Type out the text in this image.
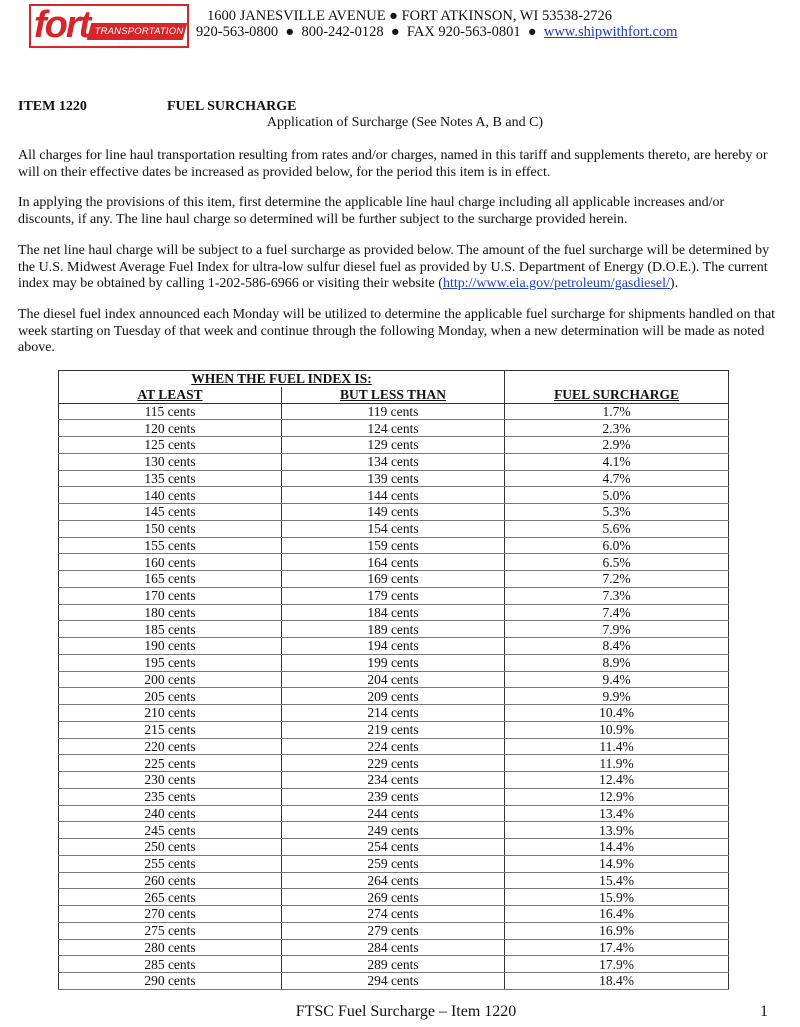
fort TRANSPORTATION
1600 JANESVILLE AVENUE ● FORT ATKINSON, WI 53538-2726
920-563-0800  ●  800-242-0128  ●  FAX 920-563-0801  ●  www.shipwithfort.com
ITEM 1220	FUEL SURCHARGE
Application of Surcharge (See Notes A, B and C)

All charges for line haul transportation resulting from rates and/or charges, named in this tariff and supplements thereto, are hereby or will on their effective dates be increased as provided below, for the period this item is in effect.

In applying the provisions of this item, first determine the applicable line haul charge including all applicable increases and/or discounts, if any. The line haul charge so determined will be further subject to the surcharge provided herein.

The net line haul charge will be subject to a fuel surcharge as provided below. The amount of the fuel surcharge will be determined by the U.S. Midwest Average Fuel Index for ultra-low sulfur diesel fuel as provided by U.S. Department of Energy (D.O.E.). The current index may be obtained by calling 1-202-586-6966 or visiting their website (http://www.eia.gov/petroleum/gasdiesel/).

The diesel fuel index announced each Monday will be utilized to determine the applicable fuel surcharge for shipments handled on that week starting on Tuesday of that week and continue through the following Monday, when a new determination will be made as noted above.

WHEN THE FUEL INDEX IS:		
AT LEAST	BUT LESS THAN	FUEL SURCHARGE
115 cents	119 cents	1.7%
120 cents	124 cents	2.3%
125 cents	129 cents	2.9%
130 cents	134 cents	4.1%
135 cents	139 cents	4.7%
140 cents	144 cents	5.0%
145 cents	149 cents	5.3%
150 cents	154 cents	5.6%
155 cents	159 cents	6.0%
160 cents	164 cents	6.5%
165 cents	169 cents	7.2%
170 cents	179 cents	7.3%
180 cents	184 cents	7.4%
185 cents	189 cents	7.9%
190 cents	194 cents	8.4%
195 cents	199 cents	8.9%
200 cents	204 cents	9.4%
205 cents	209 cents	9.9%
210 cents	214 cents	10.4%
215 cents	219 cents	10.9%
220 cents	224 cents	11.4%
225 cents	229 cents	11.9%
230 cents	234 cents	12.4%
235 cents	239 cents	12.9%
240 cents	244 cents	13.4%
245 cents	249 cents	13.9%
250 cents	254 cents	14.4%
255 cents	259 cents	14.9%
260 cents	264 cents	15.4%
265 cents	269 cents	15.9%
270 cents	274 cents	16.4%
275 cents	279 cents	16.9%
280 cents	284 cents	17.4%
285 cents	289 cents	17.9%
290 cents	294 cents	18.4%
FTSC Fuel Surcharge – Item 1220	1
